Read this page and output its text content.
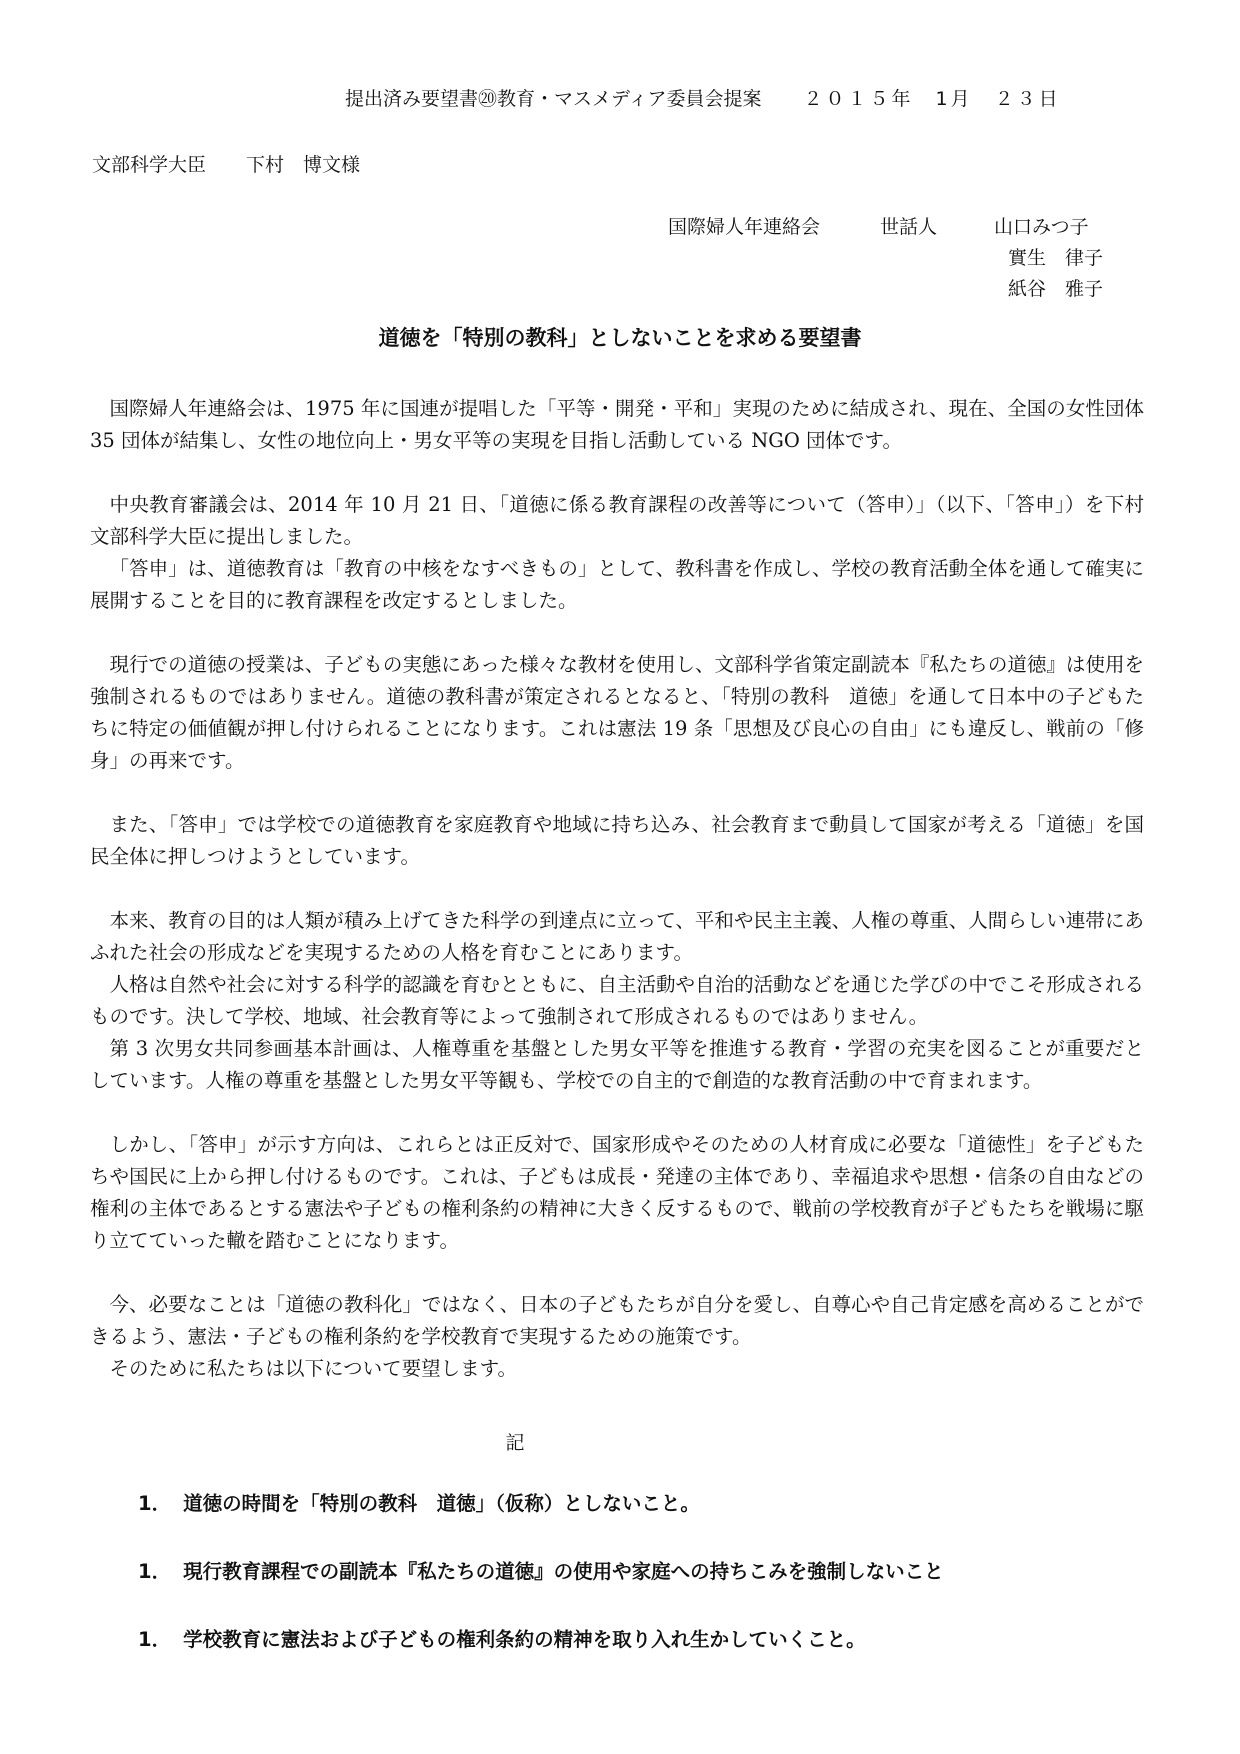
提出済み要望書⑳教育・マスメディア委員会提案 ２０１５年　1月　２３日
文部科学大臣 下村　博文様
国際婦人年連絡会	世話人	山口みつ子
實生　律子
紙谷　雅子
道徳を「特別の教科」としないことを求める要望書

国際婦人年連絡会は、1975 年に国連が提唱した「平等・開発・平和」実現のために結成され、現在、全国の女性団体 35 団体が結集し、女性の地位向上・男女平等の実現を目指し活動している NGO 団体です。

中央教育審議会は、2014 年 10 月 21 日、「道徳に係る教育課程の改善等について（答申）」（以下、「答申」）を下村文部科学大臣に提出しました。

「答申」は、道徳教育は「教育の中核をなすべきもの」として、教科書を作成し、学校の教育活動全体を通して確実に展開することを目的に教育課程を改定するとしました。

現行での道徳の授業は、子どもの実態にあった様々な教材を使用し、文部科学省策定副読本『私たちの道徳』は使用を強制されるものではありません。道徳の教科書が策定されるとなると、「特別の教科　道徳」を通して日本中の子どもたちに特定の価値観が押し付けられることになります。これは憲法 19 条「思想及び良心の自由」にも違反し、戦前の「修身」の再来です。

また、「答申」では学校での道徳教育を家庭教育や地域に持ち込み、社会教育まで動員して国家が考える「道徳」を国民全体に押しつけようとしています。

本来、教育の目的は人類が積み上げてきた科学の到達点に立って、平和や民主主義、人権の尊重、人間らしい連帯にあふれた社会の形成などを実現するための人格を育むことにあります。

人格は自然や社会に対する科学的認識を育むとともに、自主活動や自治的活動などを通じた学びの中でこそ形成されるものです。決して学校、地域、社会教育等によって強制されて形成されるものではありません。

第 3 次男女共同参画基本計画は、人権尊重を基盤とした男女平等を推進する教育・学習の充実を図ることが重要だとしています。人権の尊重を基盤とした男女平等観も、学校での自主的で創造的な教育活動の中で育まれます。

しかし、「答申」が示す方向は、これらとは正反対で、国家形成やそのための人材育成に必要な「道徳性」を子どもたちや国民に上から押し付けるものです。これは、子どもは成長・発達の主体であり、幸福追求や思想・信条の自由などの権利の主体であるとする憲法や子どもの権利条約の精神に大きく反するもので、戦前の学校教育が子どもたちを戦場に駆り立てていった轍を踏むことになります。

今、必要なことは「道徳の教科化」ではなく、日本の子どもたちが自分を愛し、自尊心や自己肯定感を高めることができるよう、憲法・子どもの権利条約を学校教育で実現するための施策です。

そのために私たちは以下について要望します。

記
1． 道徳の時間を「特別の教科　道徳」（仮称）としないこと。
1． 現行教育課程での副読本『私たちの道徳』の使用や家庭への持ちこみを強制しないこと
1． 学校教育に憲法および子どもの権利条約の精神を取り入れ生かしていくこと。
